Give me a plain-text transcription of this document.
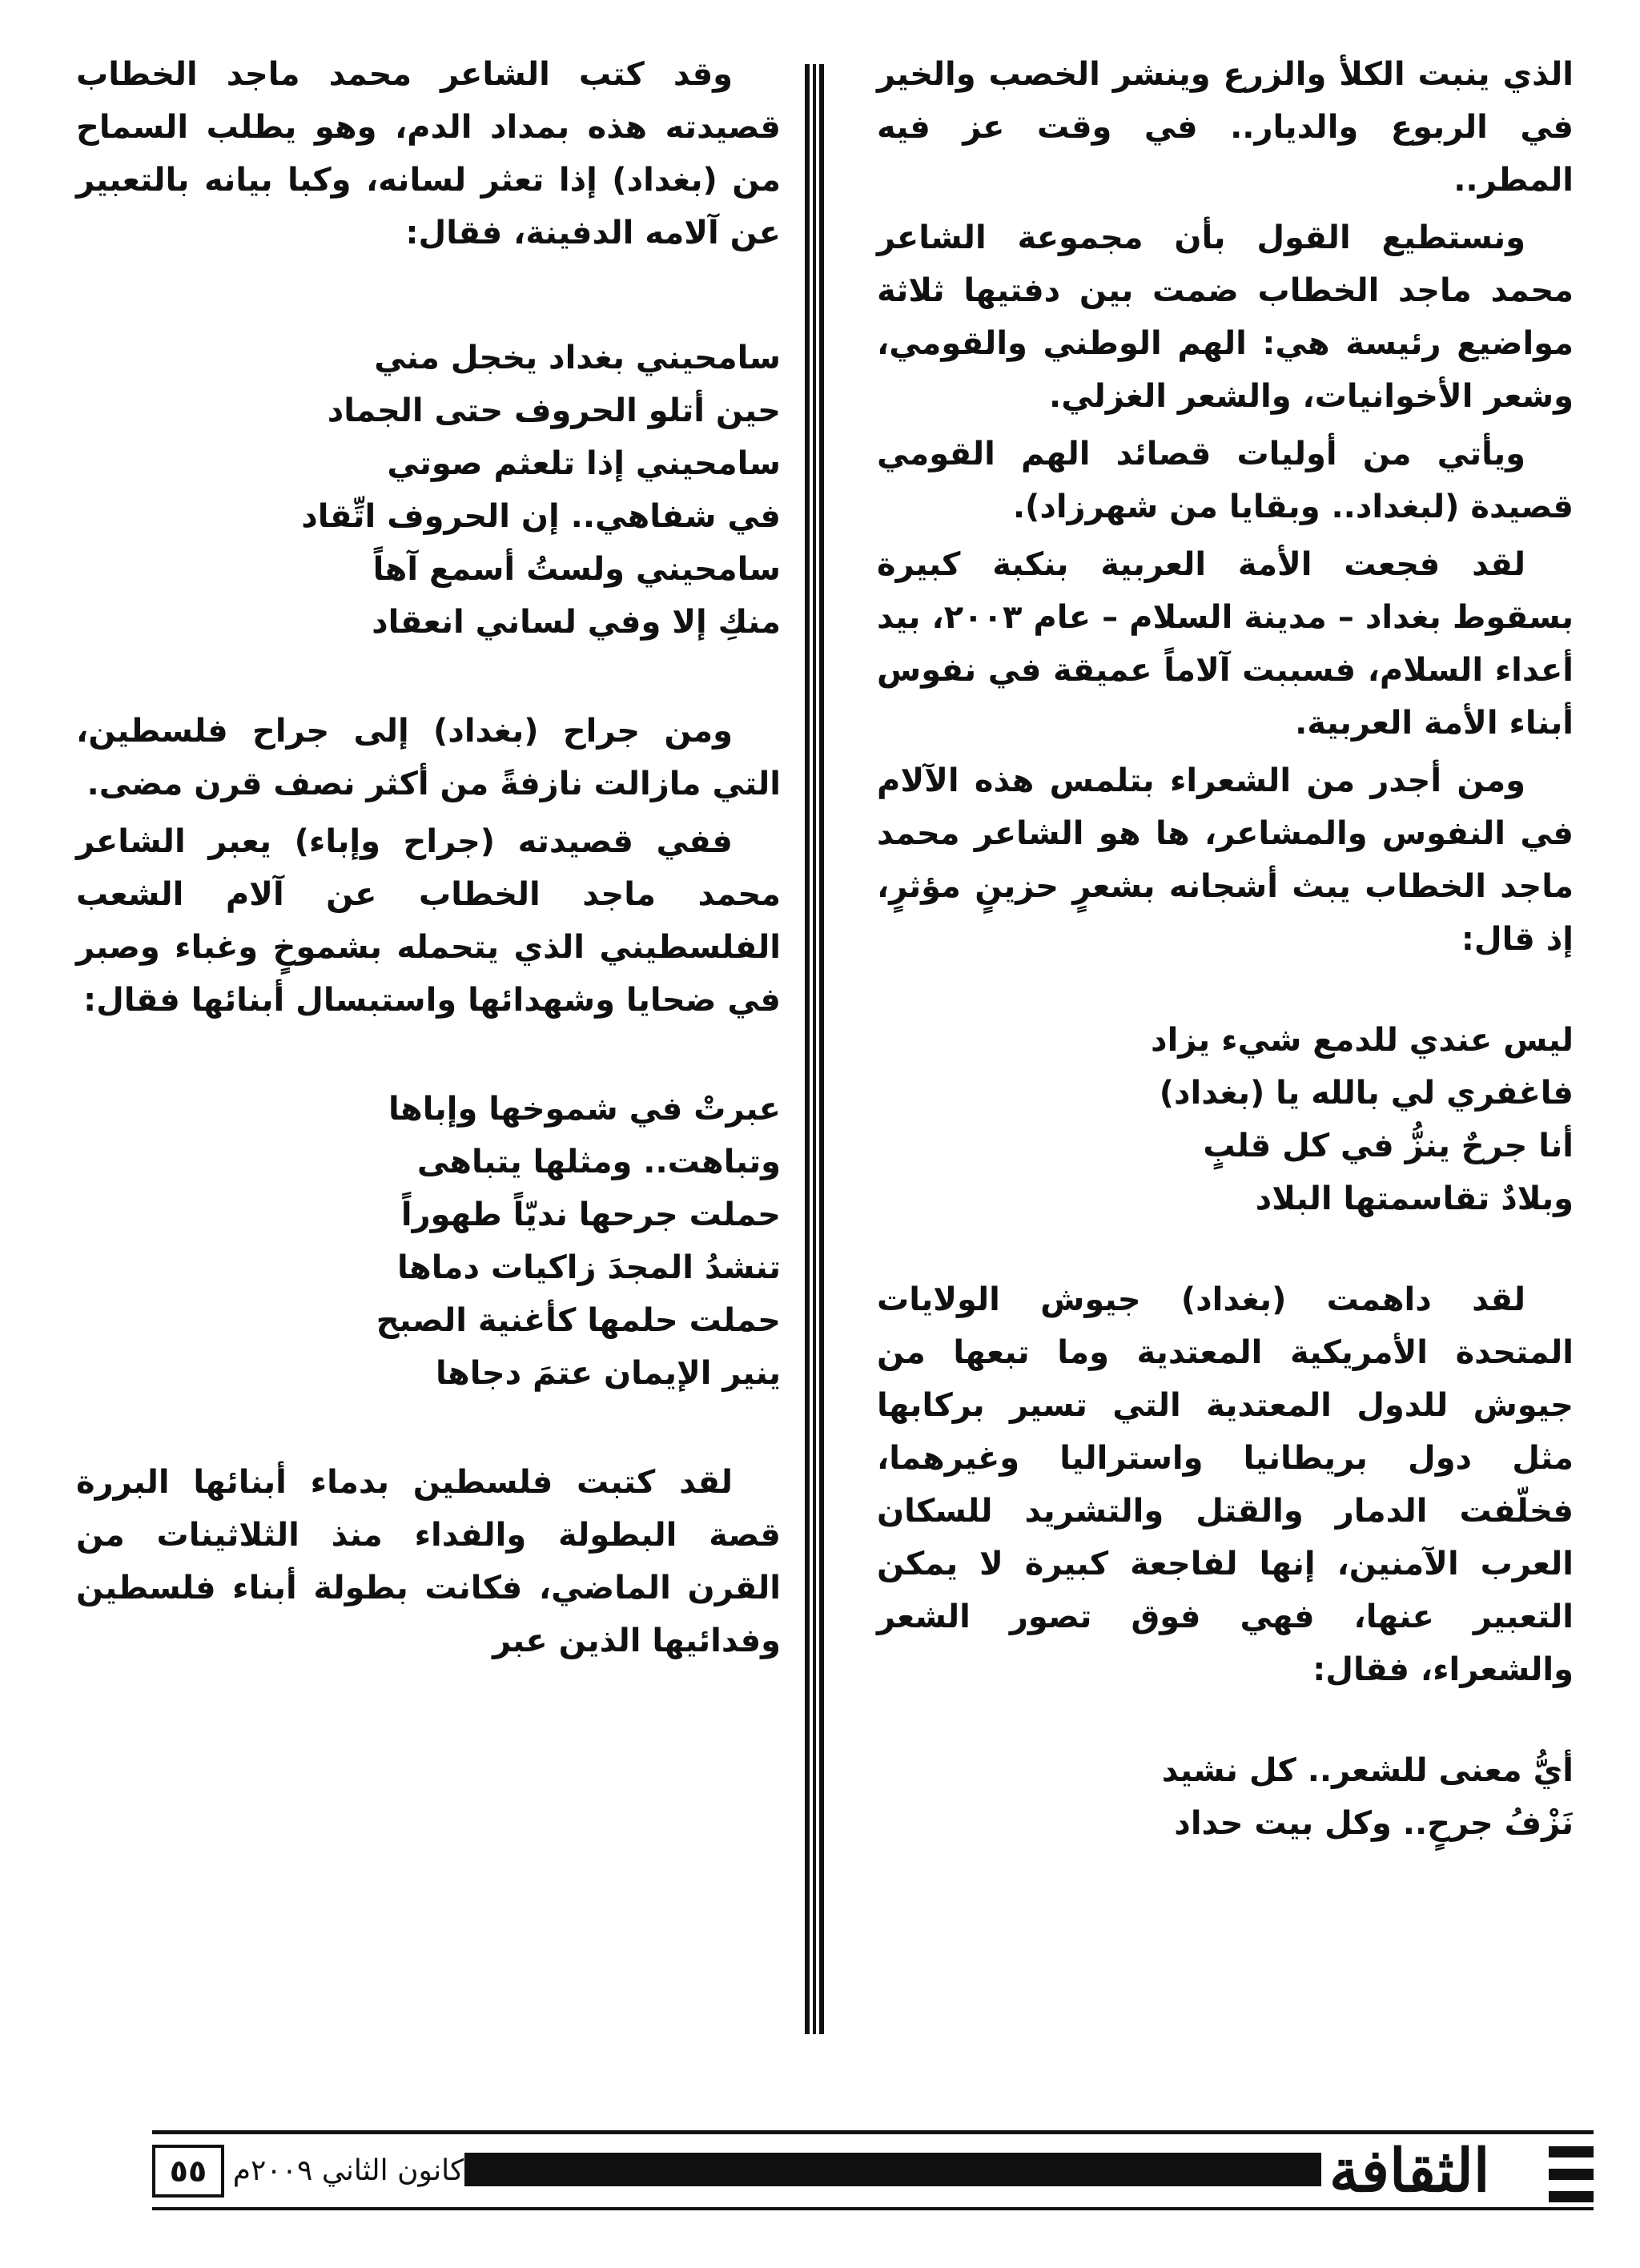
الذي ينبت الكلأ والزرع وينشر الخصب والخير في الربوع والديار.. في وقت عز فيه المطر..

ونستطيع القول بأن مجموعة الشاعر محمد ماجد الخطاب ضمت بين دفتيها ثلاثة مواضيع رئيسة هي: الهم الوطني والقومي، وشعر الأخوانيات، والشعر الغزلي.

ويأتي من أوليات قصائد الهم القومي قصيدة (لبغداد.. وبقايا من شهرزاد).

لقد فجعت الأمة العربية بنكبة كبيرة بسقوط بغداد – مدينة السلام – عام ٢٠٠٣، بيد أعداء السلام، فسببت آلاماً عميقة في نفوس أبناء الأمة العربية.

ومن أجدر من الشعراء بتلمس هذه الآلام في النفوس والمشاعر، ها هو الشاعر محمد ماجد الخطاب يبث أشجانه بشعرٍ حزينٍ مؤثرٍ، إذ قال:

ليس عندي للدمع شيء يزاد
فاغفري لي بالله يا (بغداد)
أنا جرحٌ ينزُّ في كل قلبٍ
وبلادٌ تقاسمتها البلاد

لقد داهمت (بغداد) جيوش الولايات المتحدة الأمريكية المعتدية وما تبعها من جيوش للدول المعتدية التي تسير بركابها مثل دول بريطانيا واستراليا وغيرهما، فخلّفت الدمار والقتل والتشريد للسكان العرب الآمنين، إنها لفاجعة كبيرة لا يمكن التعبير عنها، فهي فوق تصور الشعر والشعراء، فقال:

أيُّ معنى للشعر.. كل نشيد
نَزْفُ جرحٍ.. وكل بيت حداد

وقد كتب الشاعر محمد ماجد الخطاب قصيدته هذه بمداد الدم، وهو يطلب السماح من (بغداد) إذا تعثر لسانه، وكبا بيانه بالتعبير عن آلامه الدفينة، فقال:

سامحيني بغداد يخجل مني
حين أتلو الحروف حتى الجماد
سامحيني إذا تلعثم صوتي
في شفاهي.. إن الحروف اتِّقاد
سامحيني ولستُ أسمع آهاً
منكِ إلا وفي لساني انعقاد

ومن جراح (بغداد) إلى جراح فلسطين، التي مازالت نازفةً من أكثر نصف قرن مضى.

ففي قصيدته (جراح وإباء) يعبر الشاعر محمد ماجد الخطاب عن آلام الشعب الفلسطيني الذي يتحمله بشموخٍ وغباء وصبر في ضحايا وشهدائها واستبسال أبنائها فقال:

عبرتْ في شموخها وإباها
وتباهت.. ومثلها يتباهى
حملت جرحها نديّاً طهوراً
تنشدُ المجدَ زاكيات دماها
حملت حلمها كأغنية الصبح
ينير الإيمان عتمَ دجاها

لقد كتبت فلسطين بدماء أبنائها البررة قصة البطولة والفداء منذ الثلاثينات من القرن الماضي، فكانت بطولة أبناء فلسطين وفدائيها الذين عبر

٥٥ كانون الثاني ٢٠٠٩م	الثقافة
